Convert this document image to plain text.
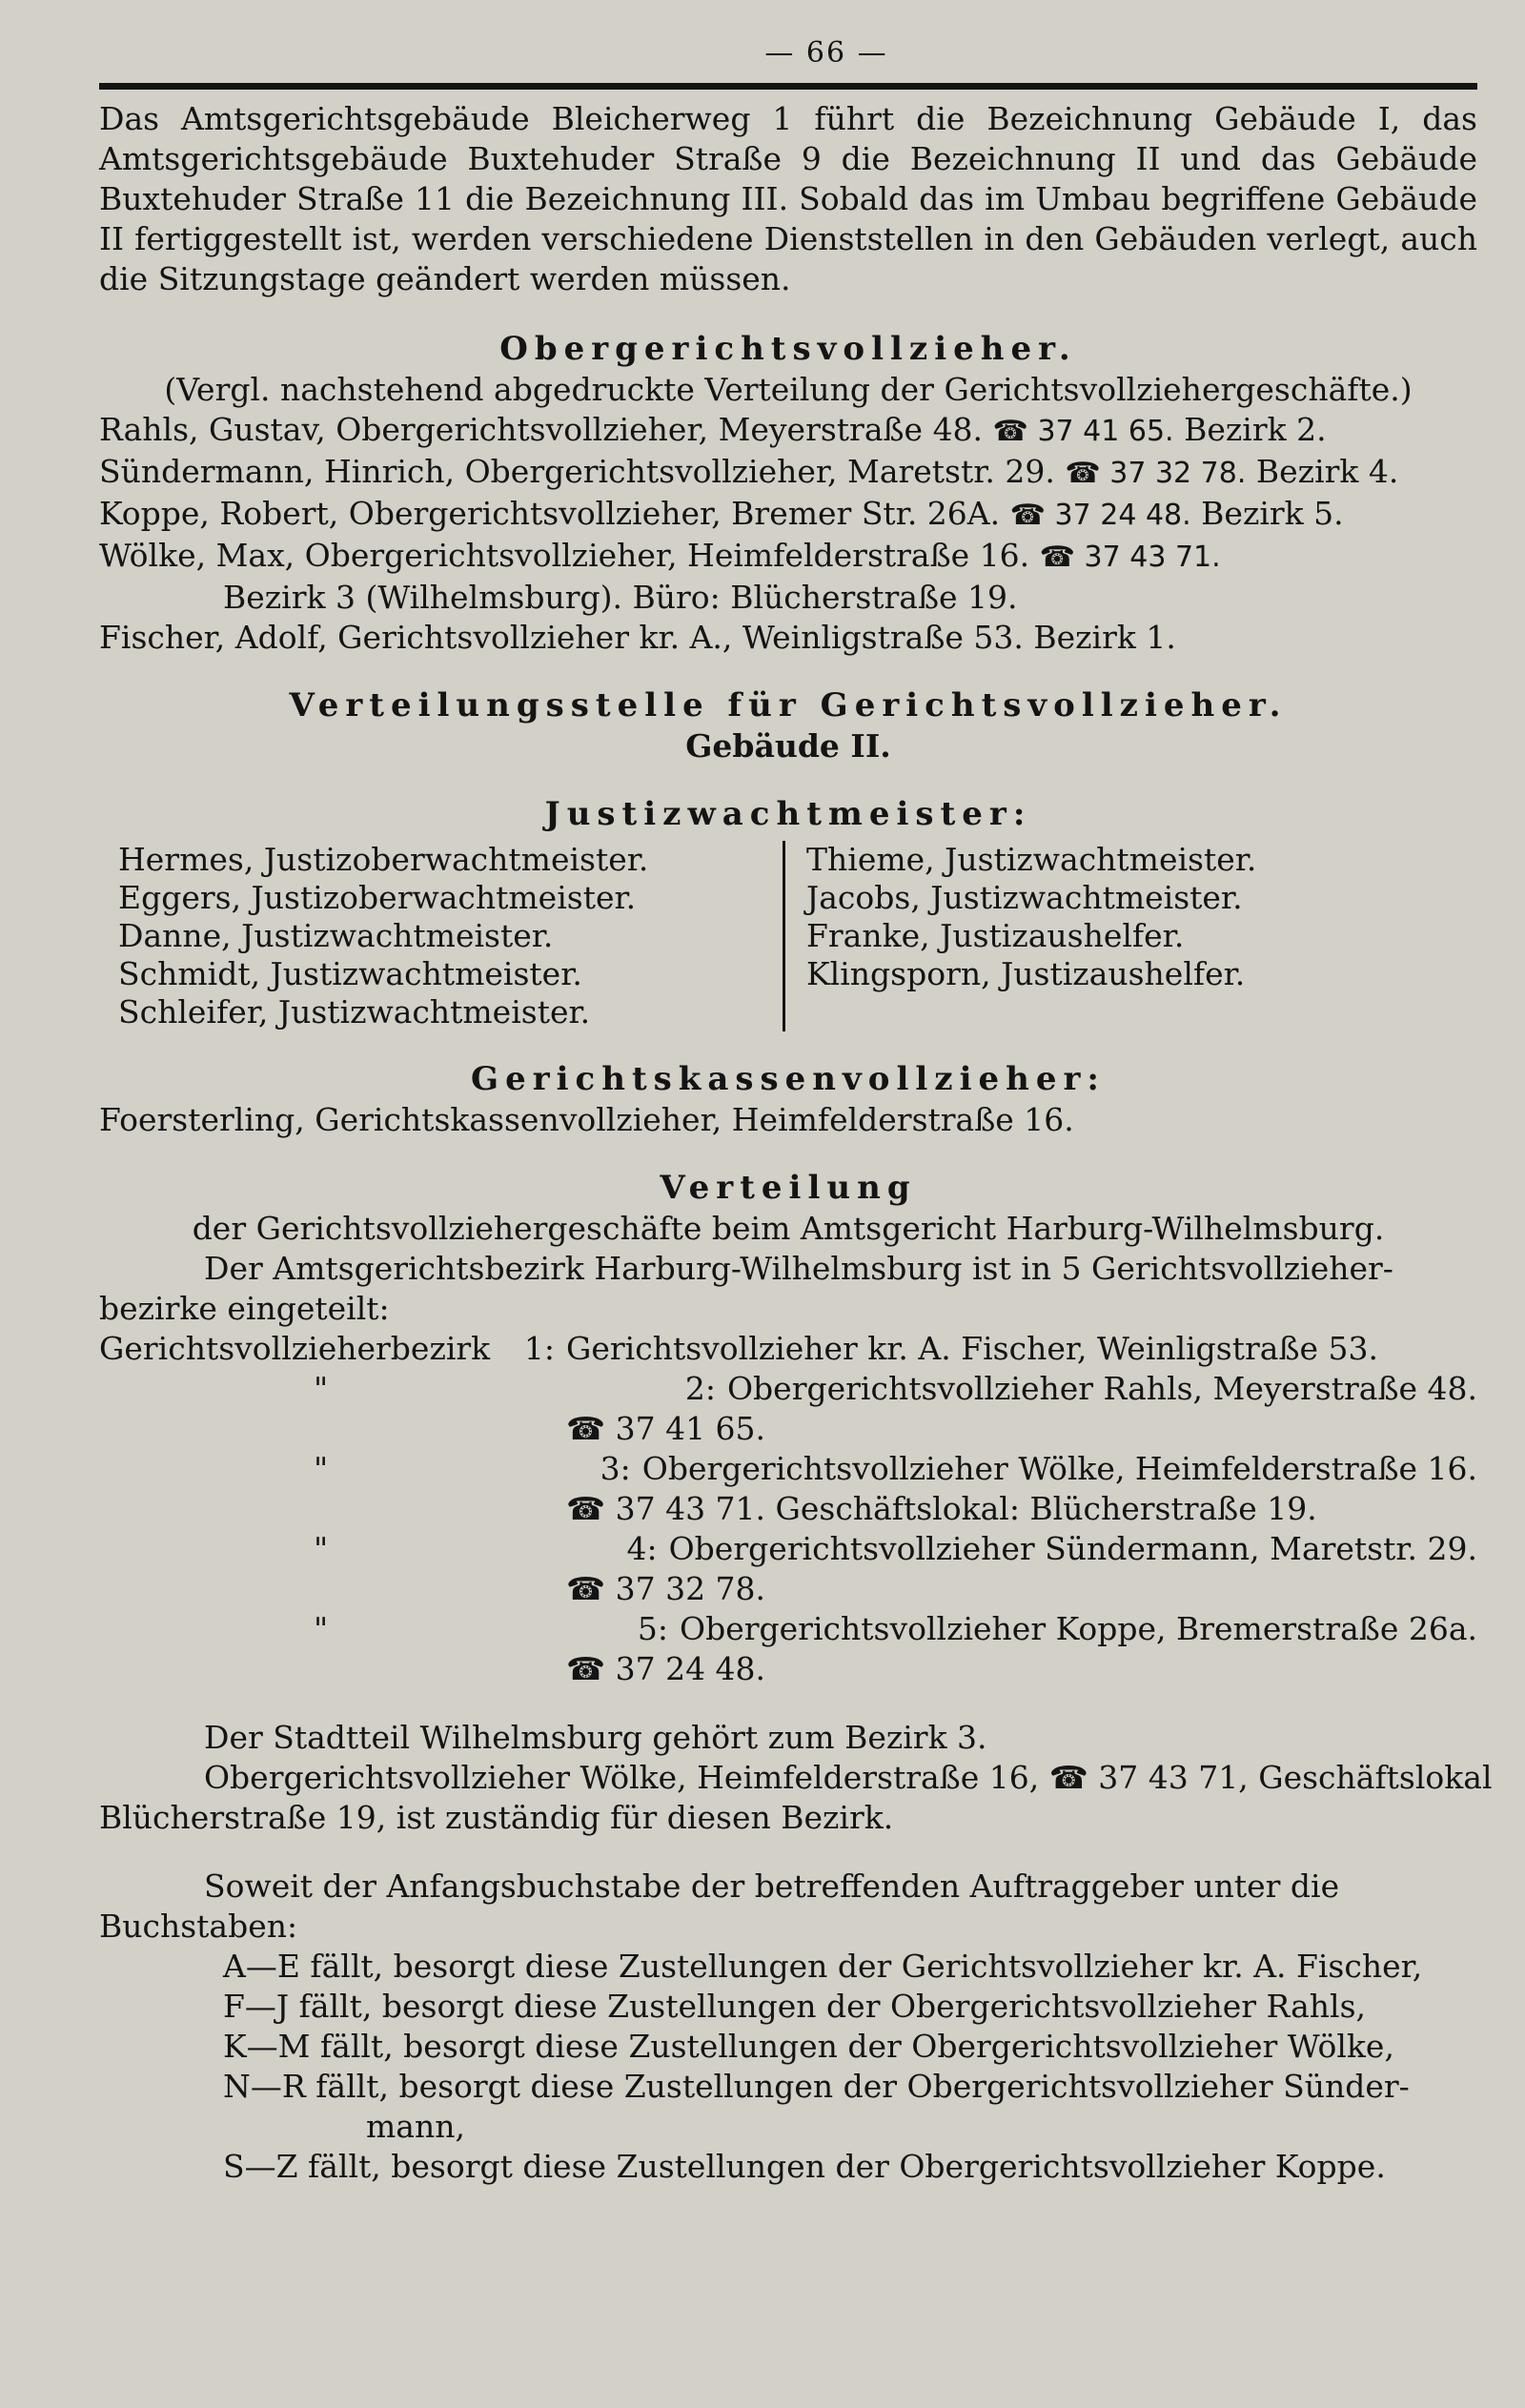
— 66 —

Das Amtsgerichtsgebäude Bleicherweg 1 führt die Bezeichnung Gebäude I, das Amtsgerichtsgebäude Buxtehuder Straße 9 die Bezeichnung II und das Gebäude Buxtehuder Straße 11 die Bezeichnung III. Sobald das im Umbau begriffene Gebäude II fertiggestellt ist, werden verschiedene Dienststellen in den Gebäuden verlegt, auch die Sitzungstage geändert werden müssen.

Obergerichtsvollzieher.
(Vergl. nachstehend abgedruckte Verteilung der Gerichtsvollziehergeschäfte.)
Rahls, Gustav, Obergerichtsvollzieher, Meyerstraße 48. ☎ 37 41 65. Bezirk 2.
Sündermann, Hinrich, Obergerichtsvollzieher, Maretstr. 29. ☎ 37 32 78. Bezirk 4.
Koppe, Robert, Obergerichtsvollzieher, Bremer Str. 26A. ☎ 37 24 48. Bezirk 5.
Wölke, Max, Obergerichtsvollzieher, Heimfelderstraße 16. ☎ 37 43 71.
Bezirk 3 (Wilhelmsburg). Büro: Blücherstraße 19.
Fischer, Adolf, Gerichtsvollzieher kr. A., Weinligstraße 53. Bezirk 1.
Verteilungsstelle für Gerichtsvollzieher.
Gebäude II.
Justizwachtmeister:
Hermes, Justizoberwachtmeister.
Eggers, Justizoberwachtmeister.
Danne, Justizwachtmeister.
Schmidt, Justizwachtmeister.
Schleifer, Justizwachtmeister.
Thieme, Justizwachtmeister.
Jacobs, Justizwachtmeister.
Franke, Justizaushelfer.
Klingsporn, Justizaushelfer.
Gerichtskassenvollzieher:
Foersterling, Gerichtskassenvollzieher, Heimfelderstraße 16.
Verteilung
der Gerichtsvollziehergeschäfte beim Amtsgericht Harburg-Wilhelmsburg.
Der Amtsgerichtsbezirk Harburg-Wilhelmsburg ist in 5 Gerichtsvollzieher-
bezirke eingeteilt:
Gerichtsvollzieherbezirk	1: Gerichtsvollzieher kr. A. Fischer, Weinligstraße 53.
"	2: Obergerichtsvollzieher Rahls, Meyerstraße 48.
☎ 37 41 65.
"	3: Obergerichtsvollzieher Wölke, Heimfelderstraße 16.
☎ 37 43 71. Geschäftslokal: Blücherstraße 19.
"	4: Obergerichtsvollzieher Sündermann, Maretstr. 29.
☎ 37 32 78.
"	5: Obergerichtsvollzieher Koppe, Bremerstraße 26a.
☎ 37 24 48.
Der Stadtteil Wilhelmsburg gehört zum Bezirk 3.
Obergerichtsvollzieher Wölke, Heimfelderstraße 16, ☎ 37 43 71, Geschäftslokal
Blücherstraße 19, ist zuständig für diesen Bezirk.
Soweit der Anfangsbuchstabe der betreffenden Auftraggeber unter die
Buchstaben:
A—E fällt, besorgt diese Zustellungen der Gerichtsvollzieher kr. A. Fischer,
F—J fällt, besorgt diese Zustellungen der Obergerichtsvollzieher Rahls,
K—M fällt, besorgt diese Zustellungen der Obergerichtsvollzieher Wölke,
N—R fällt, besorgt diese Zustellungen der Obergerichtsvollzieher Sünder-
mann,
S—Z fällt, besorgt diese Zustellungen der Obergerichtsvollzieher Koppe.
